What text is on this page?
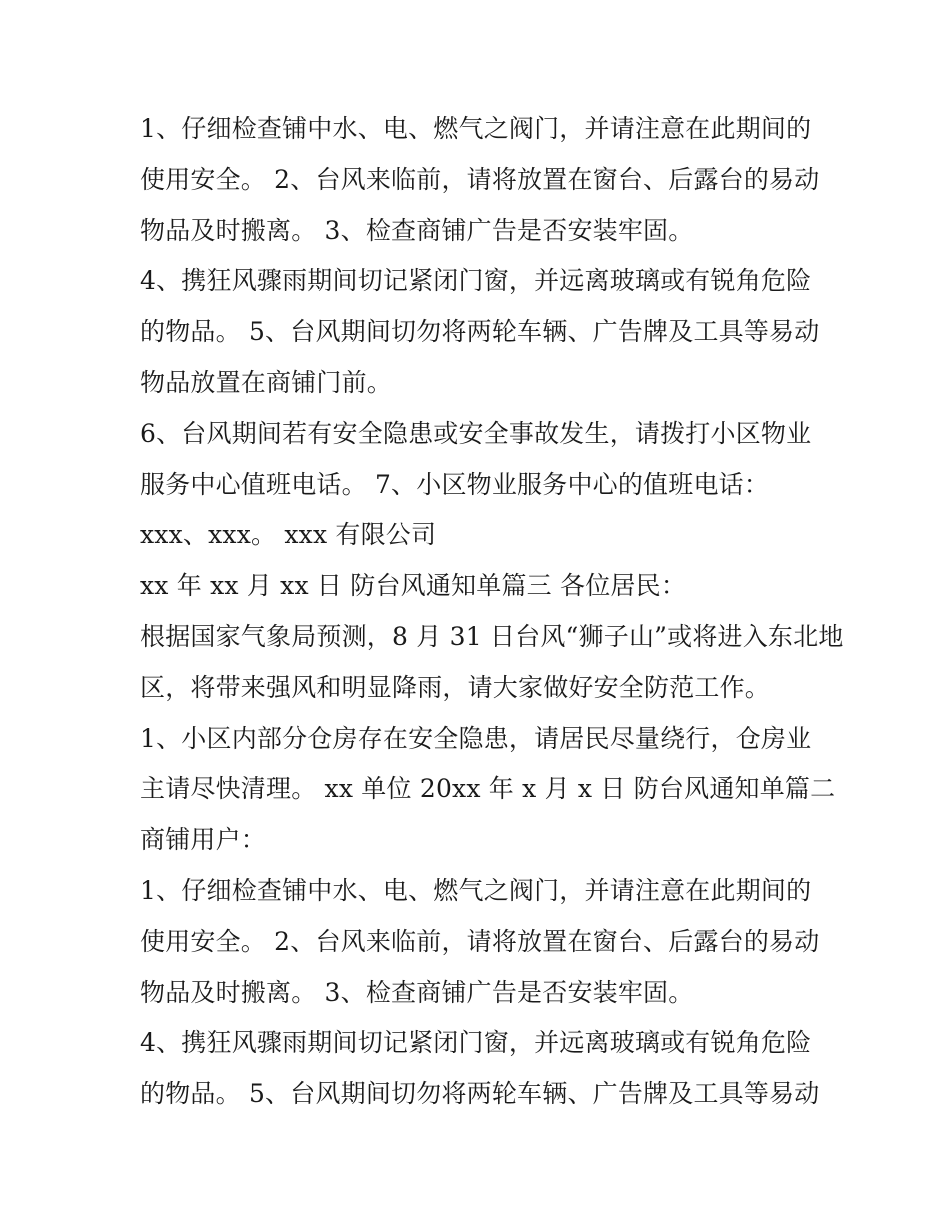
1、仔细检查铺中水、电、燃气之阀门，并请注意在此期间的
使用安全。 2、台风来临前，请将放置在窗台、后露台的易动
物品及时搬离。 3、检查商铺广告是否安装牢固。
4、携狂风骤雨期间切记紧闭门窗，并远离玻璃或有锐角危险
的物品。 5、台风期间切勿将两轮车辆、广告牌及工具等易动
物品放置在商铺门前。
6、台风期间若有安全隐患或安全事故发生，请拨打小区物业
服务中心值班电话。 7、小区物业服务中心的值班电话：
xxx、xxx。 xxx 有限公司
xx 年 xx 月 xx 日 防台风通知单篇三 各位居民：
根据国家气象局预测，8 月 31 日台风“狮子山”或将进入东北地
区，将带来强风和明显降雨，请大家做好安全防范工作。
1、小区内部分仓房存在安全隐患，请居民尽量绕行，仓房业
主请尽快清理。 xx 单位 20xx 年 x 月 x 日 防台风通知单篇二
商铺用户：
1、仔细检查铺中水、电、燃气之阀门，并请注意在此期间的
使用安全。 2、台风来临前，请将放置在窗台、后露台的易动
物品及时搬离。 3、检查商铺广告是否安装牢固。
4、携狂风骤雨期间切记紧闭门窗，并远离玻璃或有锐角危险
的物品。 5、台风期间切勿将两轮车辆、广告牌及工具等易动
